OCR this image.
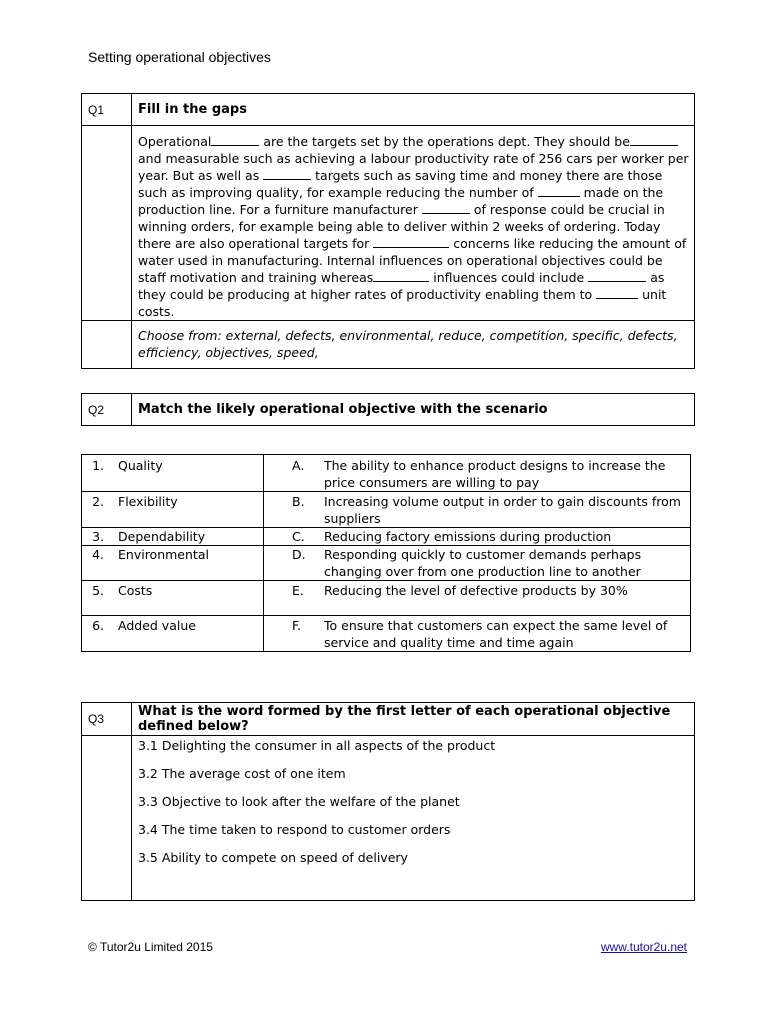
Setting operational objectives
Q1	Fill in the gaps
	Operational are the targets set by the operations dept. They should be and measurable such as achieving a labour productivity rate of 256 cars per worker per year. But as well as targets such as saving time and money there are those such as improving quality, for example reducing the number of made on the production line. For a furniture manufacturer of response could be crucial in winning orders, for example being able to deliver within 2 weeks of ordering. Today there are also operational targets for concerns like reducing the amount of water used in manufacturing. Internal influences on operational objectives could be staff motivation and training whereas influences could include as they could be producing at higher rates of productivity enabling them to unit costs.
	Choose from: external, defects, environmental, reduce, competition, specific, defects, efficiency, objectives, speed,
Q2	Match the likely operational objective with the scenario
1. Quality	A. The ability to enhance product designs to increase the price consumers are willing to pay

2. Flexibility	B. Increasing volume output in order to gain discounts from suppliers

3. Dependability	C. Reducing factory emissions during production

4. Environmental	D. Responding quickly to customer demands perhaps changing over from one production line to another

5. Costs	E. Reducing the level of defective products by 30%

6. Added value	F. To ensure that customers can expect the same level of service and quality time and time again
Q3	What is the word formed by the first letter of each operational objective defined below?

	3.1 Delighting the consumer in all aspects of the product

3.2 The average cost of one item

3.3 Objective to look after the welfare of the planet

3.4 The time taken to respond to customer orders

3.5 Ability to compete on speed of delivery

© Tutor2u Limited 2015	www.tutor2u.net
